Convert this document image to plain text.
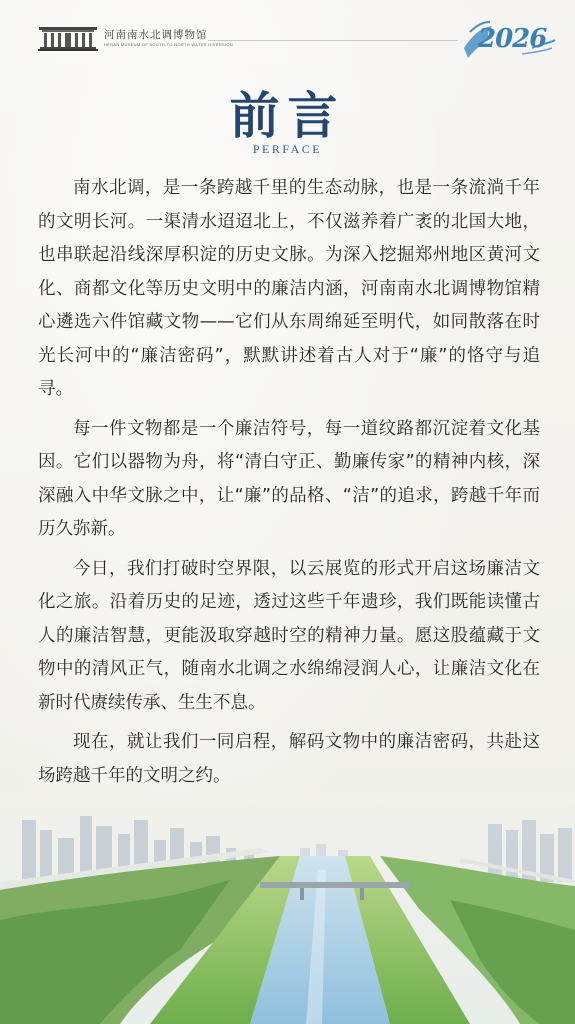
河南南水北调博物馆
HENAN MUSEUM OF SOUTH-TO-NORTH WATER DIVERSION	2026
前言
PERFACE

南水北调，是一条跨越千里的生态动脉，也是一条流淌千年的文明长河。一渠清水迢迢北上，不仅滋养着广袤的北国大地，也串联起沿线深厚积淀的历史文脉。为深入挖掘郑州地区黄河文化、商都文化等历史文明中的廉洁内涵，河南南水北调博物馆精心遴选六件馆藏文物——它们从东周绵延至明代，如同散落在时光长河中的“廉洁密码”，默默讲述着古人对于“廉”的恪守与追寻。

每一件文物都是一个廉洁符号，每一道纹路都沉淀着文化基因。它们以器物为舟，将“清白守正、勤廉传家”的精神内核，深深融入中华文脉之中，让“廉”的品格、“洁”的追求，跨越千年而历久弥新。

今日，我们打破时空界限，以云展览的形式开启这场廉洁文化之旅。沿着历史的足迹，透过这些千年遗珍，我们既能读懂古人的廉洁智慧，更能汲取穿越时空的精神力量。愿这股蕴藏于文物中的清风正气，随南水北调之水绵绵浸润人心，让廉洁文化在新时代赓续传承、生生不息。

现在，就让我们一同启程，解码文物中的廉洁密码，共赴这场跨越千年的文明之约。
